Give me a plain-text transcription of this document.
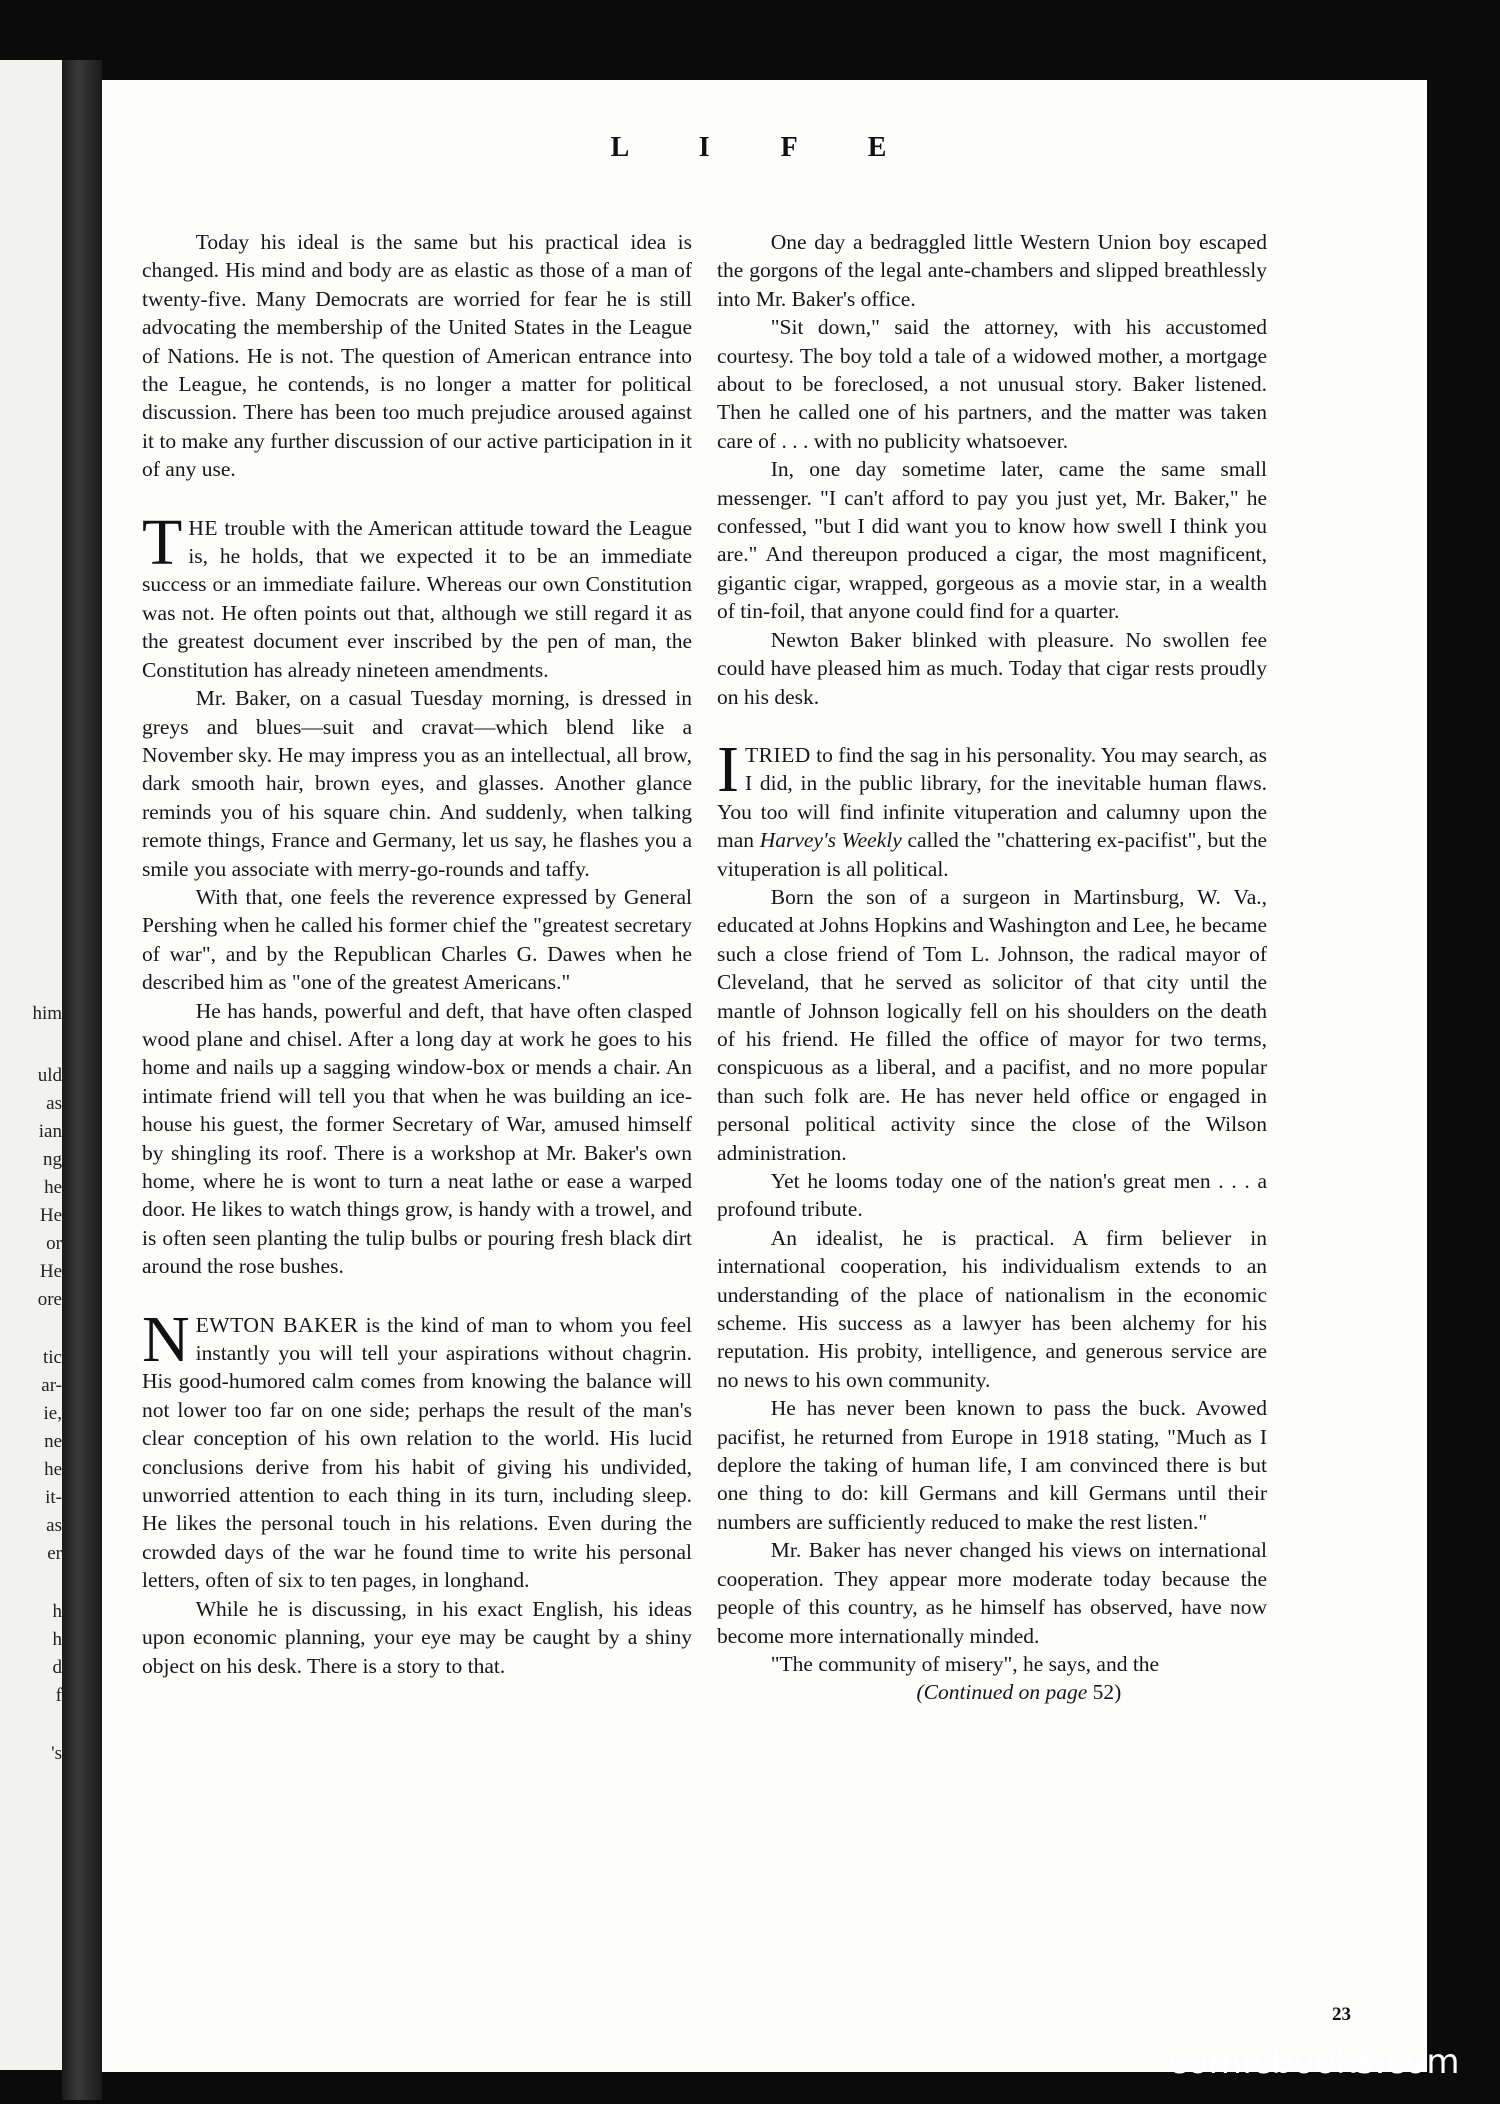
him
uld
as
ian
ng
he
He
or
He
ore
tic
ar-
ie,
ne
he
it-
as
er
h
h
d
f
's
L I F E

Today his ideal is the same but his practical idea is changed. His mind and body are as elastic as those of a man of twenty-five. Many Democrats are worried for fear he is still advocating the membership of the United States in the League of Nations. He is not. The question of American entrance into the League, he contends, is no longer a matter for political discussion. There has been too much prejudice aroused against it to make any further discussion of our active participation in it of any use.

THE trouble with the American attitude toward the League is, he holds, that we expected it to be an immediate success or an immediate failure. Whereas our own Constitution was not. He often points out that, although we still regard it as the greatest document ever inscribed by the pen of man, the Constitution has already nineteen amendments.

Mr. Baker, on a casual Tuesday morning, is dressed in greys and blues—suit and cravat—which blend like a November sky. He may impress you as an intellectual, all brow, dark smooth hair, brown eyes, and glasses. Another glance reminds you of his square chin. And suddenly, when talking remote things, France and Germany, let us say, he flashes you a smile you associate with merry-go-rounds and taffy.

With that, one feels the reverence expressed by General Pershing when he called his former chief the "greatest secretary of war", and by the Republican Charles G. Dawes when he described him as "one of the greatest Americans."

He has hands, powerful and deft, that have often clasped wood plane and chisel. After a long day at work he goes to his home and nails up a sagging window-box or mends a chair. An intimate friend will tell you that when he was building an ice-house his guest, the former Secretary of War, amused himself by shingling its roof. There is a workshop at Mr. Baker's own home, where he is wont to turn a neat lathe or ease a warped door. He likes to watch things grow, is handy with a trowel, and is often seen planting the tulip bulbs or pouring fresh black dirt around the rose bushes.

NEWTON BAKER is the kind of man to whom you feel instantly you will tell your aspirations without chagrin. His good-humored calm comes from knowing the balance will not lower too far on one side; perhaps the result of the man's clear conception of his own relation to the world. His lucid conclusions derive from his habit of giving his undivided, unworried attention to each thing in its turn, including sleep. He likes the personal touch in his relations. Even during the crowded days of the war he found time to write his personal letters, often of six to ten pages, in longhand.

While he is discussing, in his exact English, his ideas upon economic planning, your eye may be caught by a shiny object on his desk. There is a story to that.

One day a bedraggled little Western Union boy escaped the gorgons of the legal ante-chambers and slipped breathlessly into Mr. Baker's office.

"Sit down," said the attorney, with his accustomed courtesy. The boy told a tale of a widowed mother, a mortgage about to be foreclosed, a not unusual story. Baker listened. Then he called one of his partners, and the matter was taken care of . . . with no publicity whatsoever.

In, one day sometime later, came the same small messenger. "I can't afford to pay you just yet, Mr. Baker," he confessed, "but I did want you to know how swell I think you are." And thereupon produced a cigar, the most magnificent, gigantic cigar, wrapped, gorgeous as a movie star, in a wealth of tin-foil, that anyone could find for a quarter.

Newton Baker blinked with pleasure. No swollen fee could have pleased him as much. Today that cigar rests proudly on his desk.

ITRIED to find the sag in his personality. You may search, as I did, in the public library, for the inevitable human flaws. You too will find infinite vituperation and calumny upon the man Harvey's Weekly called the "chattering ex-pacifist", but the vituperation is all political.

Born the son of a surgeon in Martinsburg, W. Va., educated at Johns Hopkins and Washington and Lee, he became such a close friend of Tom L. Johnson, the radical mayor of Cleveland, that he served as solicitor of that city until the mantle of Johnson logically fell on his shoulders on the death of his friend. He filled the office of mayor for two terms, conspicuous as a liberal, and a pacifist, and no more popular than such folk are. He has never held office or engaged in personal political activity since the close of the Wilson administration.

Yet he looms today one of the nation's great men . . . a profound tribute.

An idealist, he is practical. A firm believer in international cooperation, his individualism extends to an understanding of the place of nationalism in the economic scheme. His success as a lawyer has been alchemy for his reputation. His probity, intelligence, and generous service are no news to his own community.

He has never been known to pass the buck. Avowed pacifist, he returned from Europe in 1918 stating, "Much as I deplore the taking of human life, I am convinced there is but one thing to do: kill Germans and kill Germans until their numbers are sufficiently reduced to make the rest listen."

Mr. Baker has never changed his views on international cooperation. They appear more moderate today because the people of this country, as he himself has observed, have now become more internationally minded.

"The community of misery", he says, and the

(Continued on page 52)

23
comicbooks.com
